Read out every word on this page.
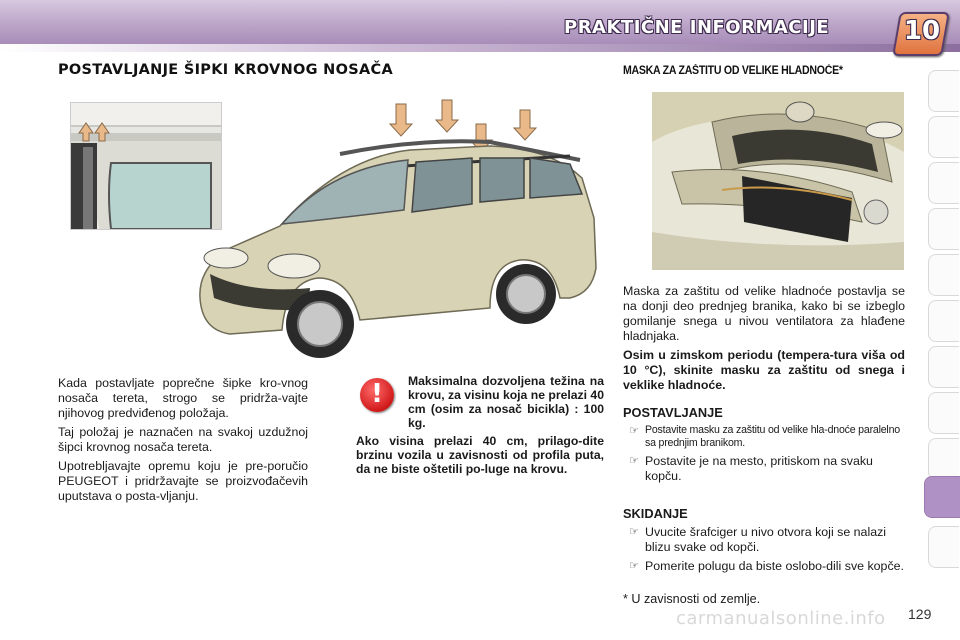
PRAKTIČNE INFORMACIJE	10
POSTAVLJANJE ŠIPKI KROVNOG NOSAČA

Kada postavljate poprečne šipke kro-vnog nosača tereta, strogo se pridrža-vajte njihovog predviđenog položaja.

Taj položaj je naznačen na svakoj uzdužnoj šipci krovnog nosača tereta.

Upotrebljavajte opremu koju je pre-poručio PEUGEOT i pridržavajte se proizvođačevih uputstava o posta-vljanju.

!	Maksimalna dozvoljena težina na krovu, za visinu koja ne prelazi 40 cm (osim za nosač bicikla) : 100 kg.

Ako visina prelazi 40 cm, prilago-dite brzinu vozila u zavisnosti od profila puta, da ne biste oštetili po-luge na krovu.

MASKA ZA ZAŠTITU OD VELIKE HLADNOĆE*

Maska za zaštitu od velike hladnoće postavlja se na donji deo prednjeg branika, kako bi se izbeglo gomilanje snega u nivou ventilatora za hlađene hladnjaka.

Osim u zimskom periodu (tempera-tura viša od 10 °C), skinite masku za zaštitu od snega i veklike hladnoće.

POSTAVLJANJE

☞ Postavite masku za zaštitu od velike hla-dnoće paralelno sa prednjim branikom.
☞ Postavite je na mesto, pritiskom na svaku kopču.

SKIDANJE

☞ Uvucite šrafciger u nivo otvora koji se nalazi blizu svake od kopči.
☞ Pomerite polugu da biste oslobo-dili sve kopče.
* U zavisnosti od zemlje.
carmanualsonline.info 129
